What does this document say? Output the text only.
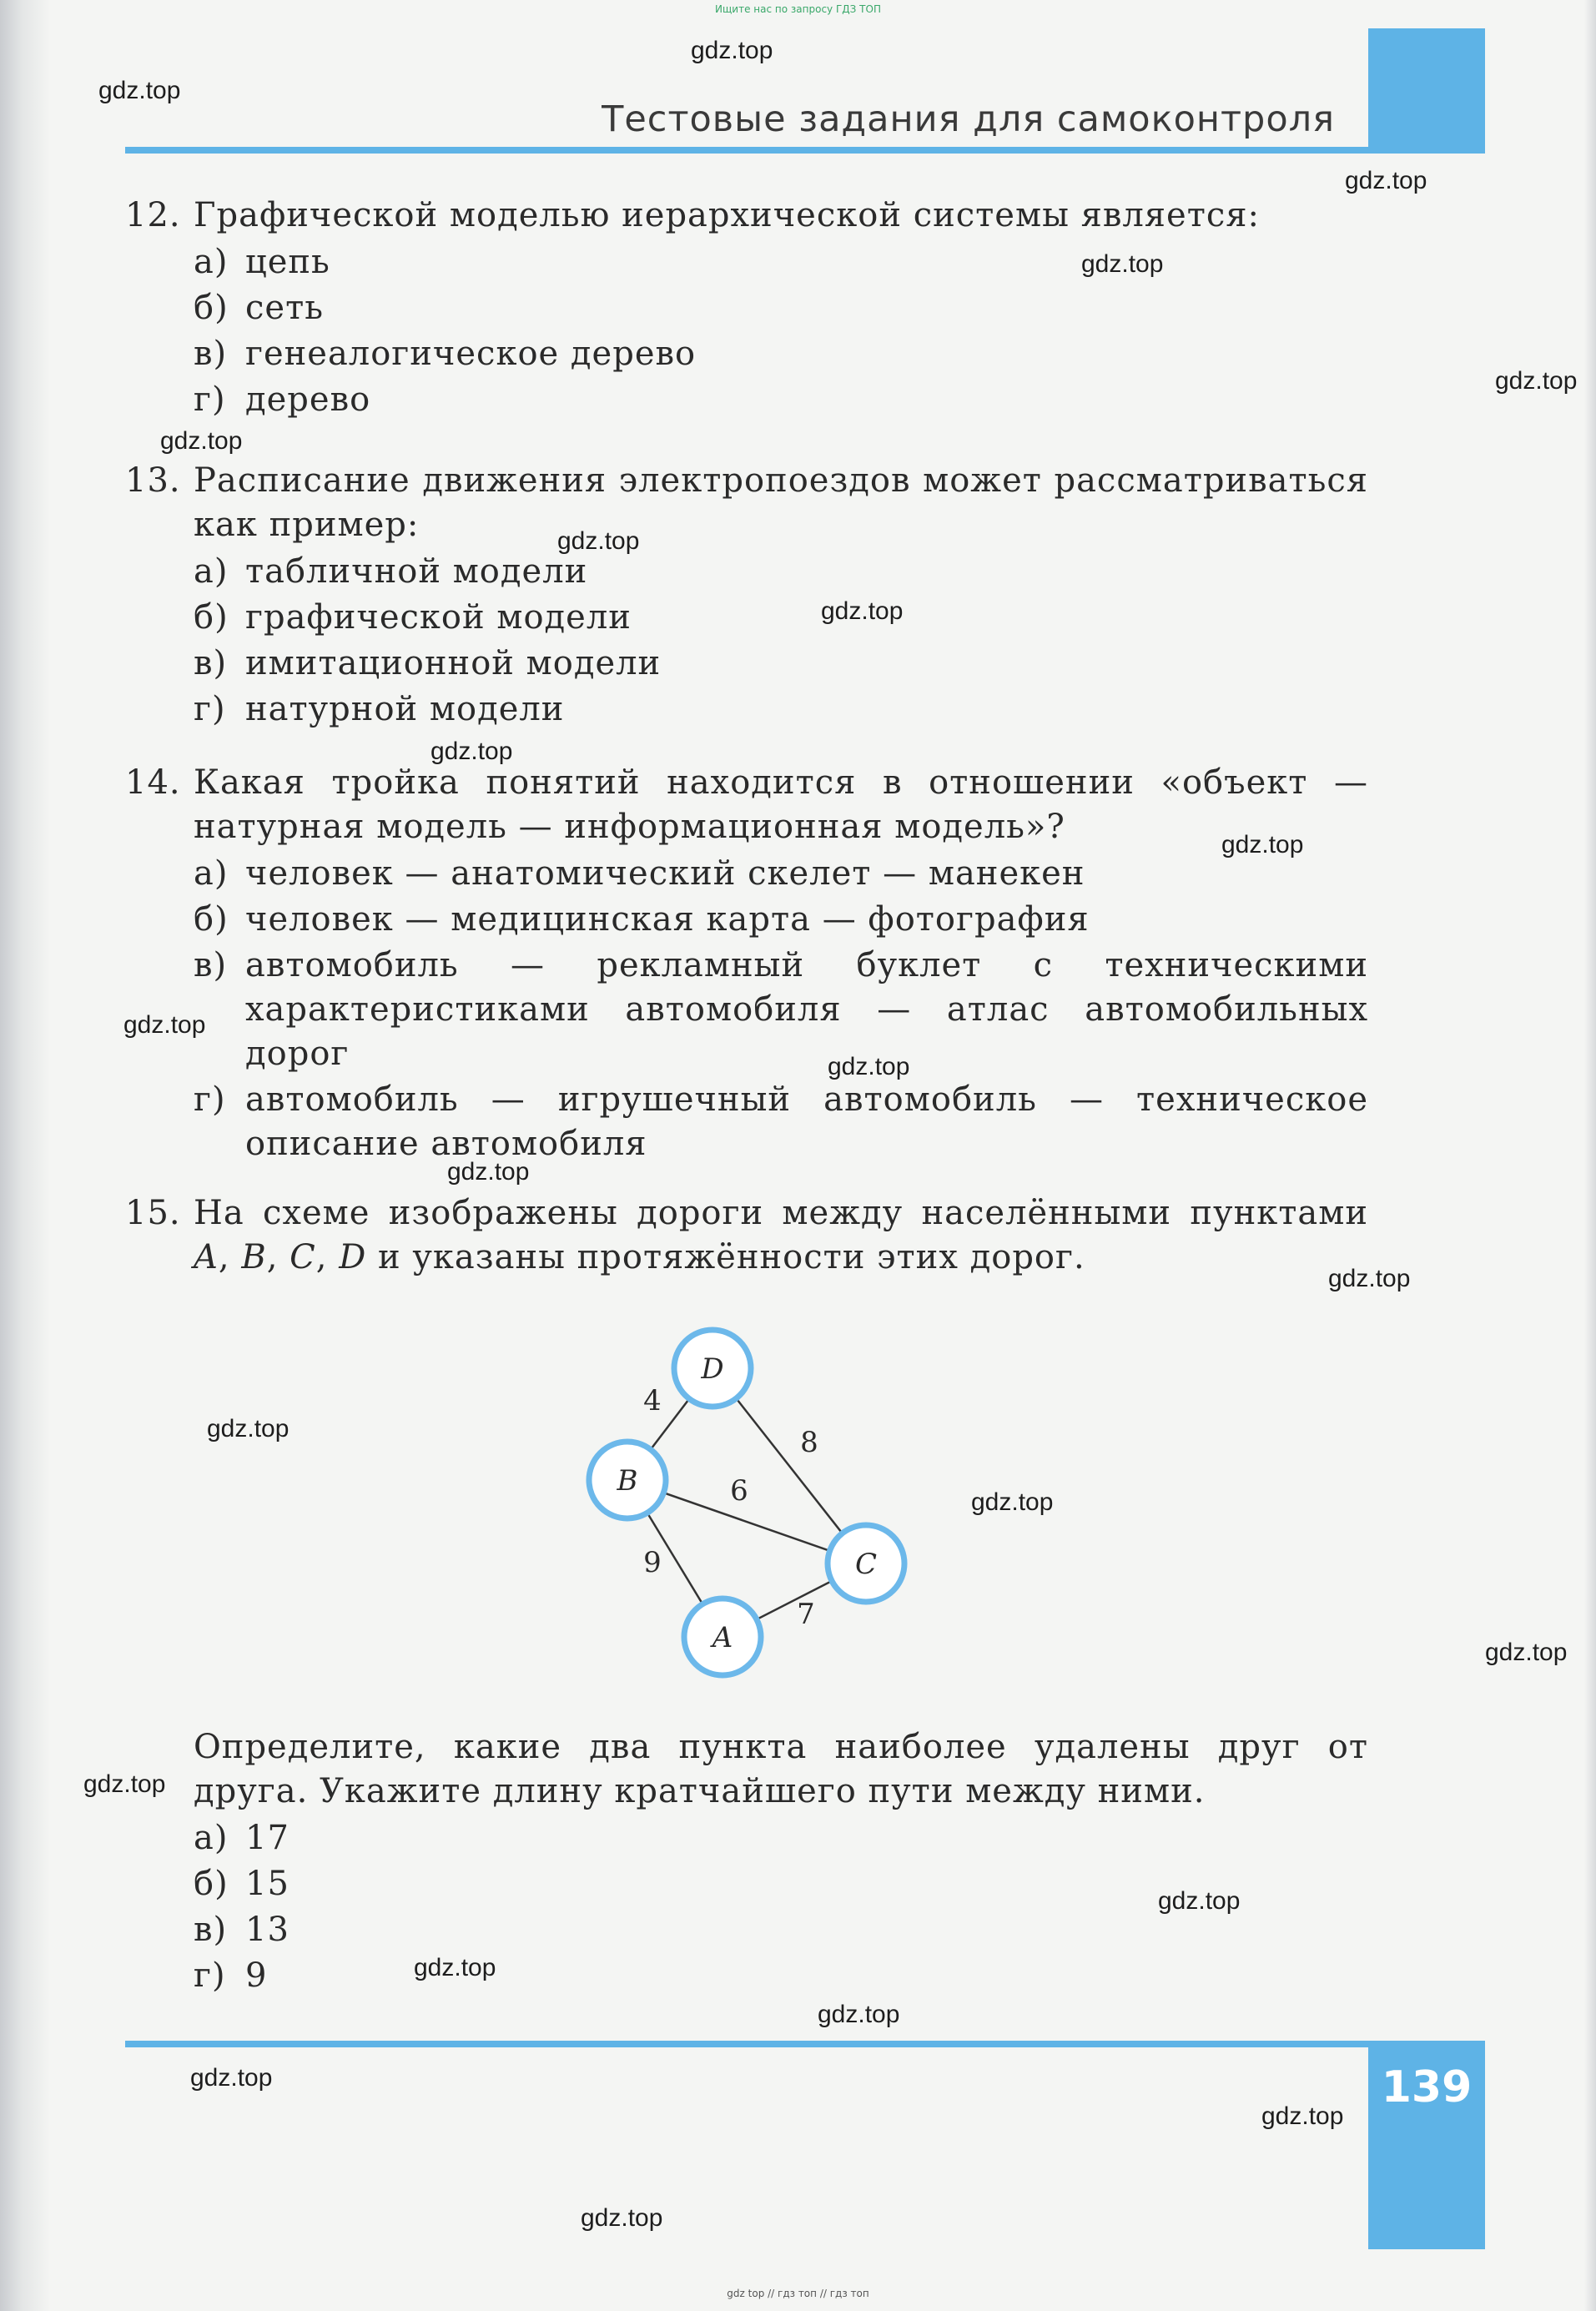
Ищите нас по запросу ГДЗ ТОП
Тестовые задания для самоконтроля
12. Графической моделью иерархической системы является:
а) цепь
б) сеть
в) генеалогическое дерево
г) дерево
13. Расписание движения электропоездов может рассматриваться как пример:
а) табличной модели
б) графической модели
в) имитационной модели
г) натурной модели
14. Какая тройка понятий находится в отношении «объект — натурная модель — информационная модель»?
а) человек — анатомический скелет — манекен
б) человек — медицинская карта — фотография
в) автомобиль — рекламный буклет с техническими характеристиками автомобиля — атлас автомобильных дорог
г) автомобиль — игрушечный автомобиль — техническое описание автомобиля
15. На схеме изображены дороги между населёнными пунктами A, B, C, D и указаны протяжённости этих дорог.
4
8
6
9
7
D
B
C
A
Определите, какие два пункта наиболее удалены друг от друга. Укажите длину кратчайшего пути между ними.
а) 17
б) 15
в) 13
г) 9
139
gdz.top
gdz.top
gdz.top
gdz.top
gdz.top
gdz.top
gdz.top
gdz.top
gdz.top
gdz.top
gdz.top
gdz.top
gdz.top
gdz.top
gdz.top
gdz.top
gdz.top
gdz.top
gdz.top
gdz.top
gdz.top
gdz.top
gdz.top
gdz.top
gdz top // гдз топ // гдз топ
